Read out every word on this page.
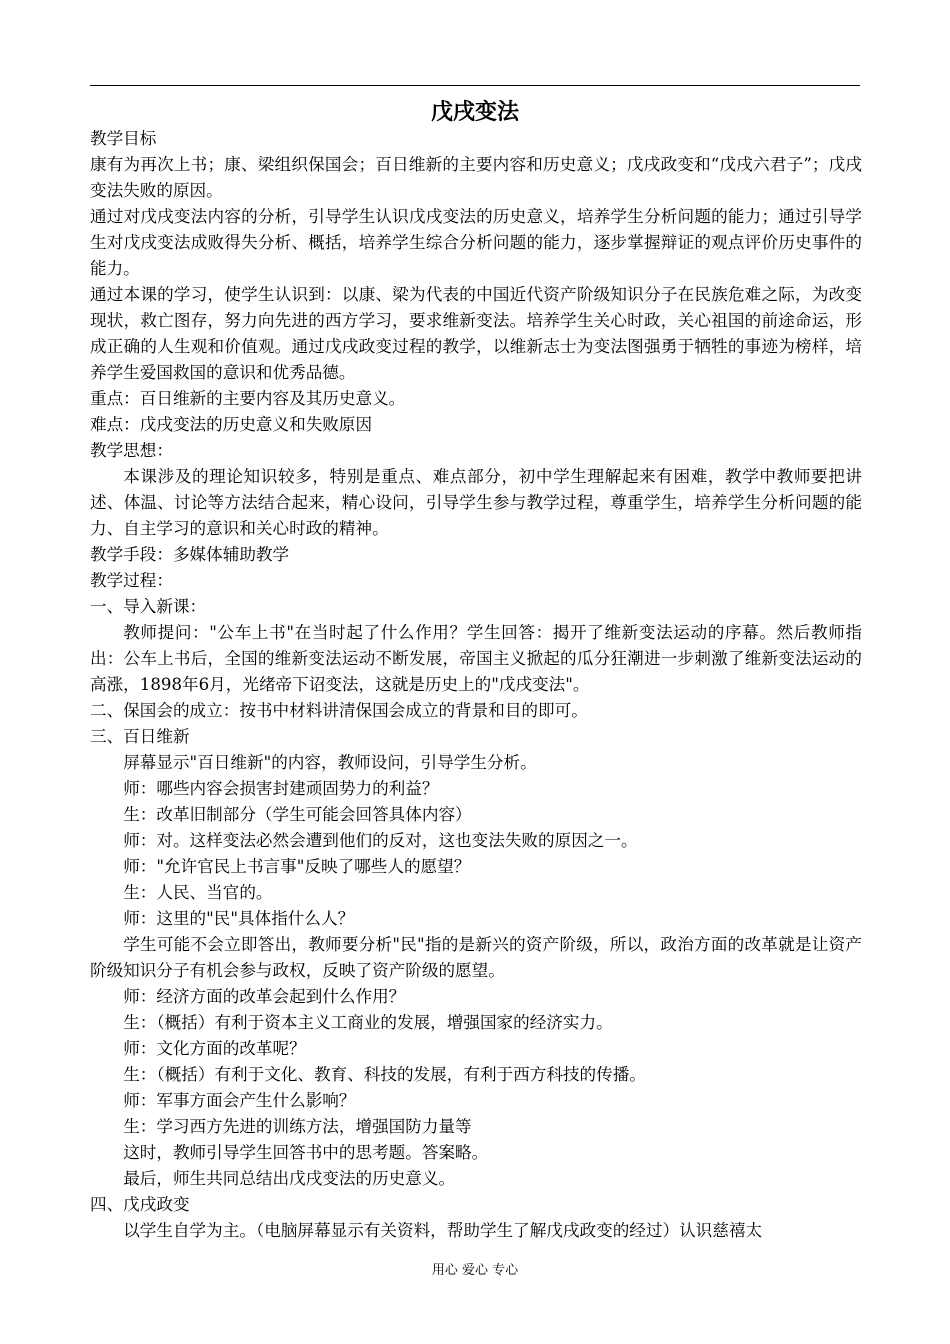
戊戌变法

教学目标

康有为再次上书；康、梁组织保国会；百日维新的主要内容和历史意义；戊戌政变和“戊戌六君子”；戊戌变法失败的原因。

通过对戊戌变法内容的分析，引导学生认识戊戌变法的历史意义，培养学生分析问题的能力；通过引导学生对戊戌变法成败得失分析、概括，培养学生综合分析问题的能力，逐步掌握辩证的观点评价历史事件的能力。

通过本课的学习，使学生认识到：以康、梁为代表的中国近代资产阶级知识分子在民族危难之际，为改变现状，救亡图存，努力向先进的西方学习，要求维新变法。培养学生关心时政，关心祖国的前途命运，形成正确的人生观和价值观。通过戊戌政变过程的教学，以维新志士为变法图强勇于牺牲的事迹为榜样，培养学生爱国救国的意识和优秀品德。

重点：百日维新的主要内容及其历史意义。

难点：戊戌变法的历史意义和失败原因

教学思想：

本课涉及的理论知识较多，特别是重点、难点部分，初中学生理解起来有困难，教学中教师要把讲述、体温、讨论等方法结合起来，精心设问，引导学生参与教学过程，尊重学生，培养学生分析问题的能力、自主学习的意识和关心时政的精神。

教学手段：多媒体辅助教学

教学过程：

一、导入新课：

教师提问："公车上书"在当时起了什么作用？学生回答：揭开了维新变法运动的序幕。然后教师指出：公车上书后，全国的维新变法运动不断发展，帝国主义掀起的瓜分狂潮进一步刺激了维新变法运动的高涨，1898年6月，光绪帝下诏变法，这就是历史上的"戊戌变法"。

二、保国会的成立：按书中材料讲清保国会成立的背景和目的即可。

三、百日维新

屏幕显示"百日维新"的内容，教师设问，引导学生分析。

师：哪些内容会损害封建顽固势力的利益？

生：改革旧制部分（学生可能会回答具体内容）

师：对。这样变法必然会遭到他们的反对，这也变法失败的原因之一。

师："允许官民上书言事"反映了哪些人的愿望？

生：人民、当官的。

师：这里的"民"具体指什么人？

学生可能不会立即答出，教师要分析"民"指的是新兴的资产阶级，所以，政治方面的改革就是让资产阶级知识分子有机会参与政权，反映了资产阶级的愿望。

师：经济方面的改革会起到什么作用？

生：（概括）有利于资本主义工商业的发展，增强国家的经济实力。

师：文化方面的改革呢？

生：（概括）有利于文化、教育、科技的发展，有利于西方科技的传播。

师：军事方面会产生什么影响？

生：学习西方先进的训练方法，增强国防力量等

这时，教师引导学生回答书中的思考题。答案略。

最后，师生共同总结出戊戌变法的历史意义。

四、戊戌政变

以学生自学为主。（电脑屏幕显示有关资料，帮助学生了解戊戌政变的经过）认识慈禧太

用心 爱心 专心
